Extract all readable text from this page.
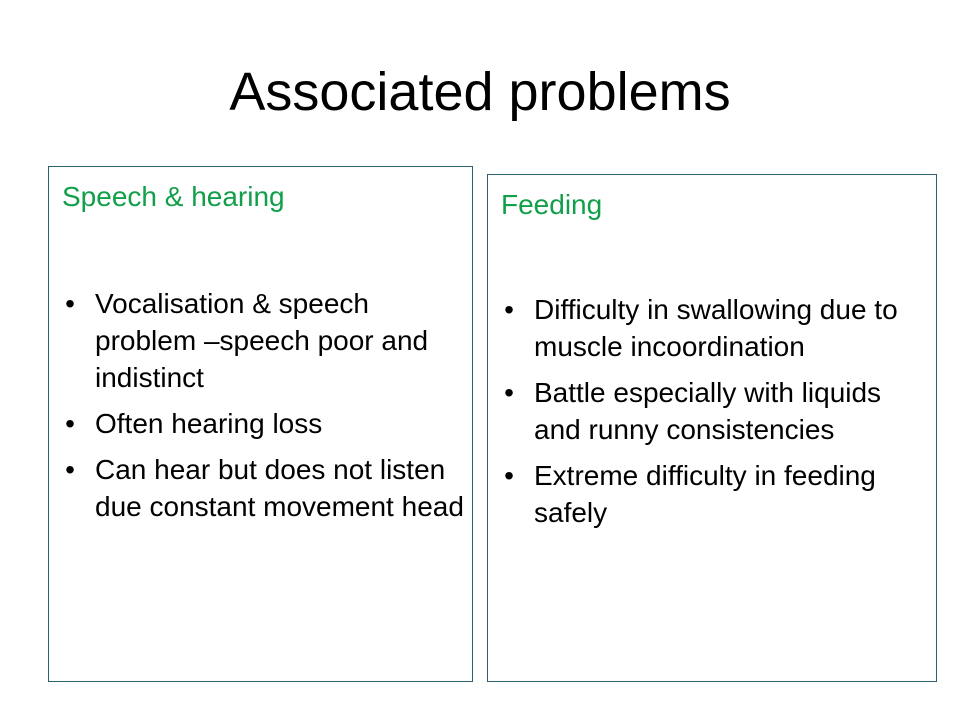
Associated problems
Speech & hearing
• Vocalisation & speech problem –speech poor and indistinct
• Often hearing loss
• Can hear but does not listen due constant movement head
Feeding
• Difficulty in swallowing due to muscle incoordination
• Battle especially with liquids and runny consistencies
• Extreme difficulty in feeding safely
